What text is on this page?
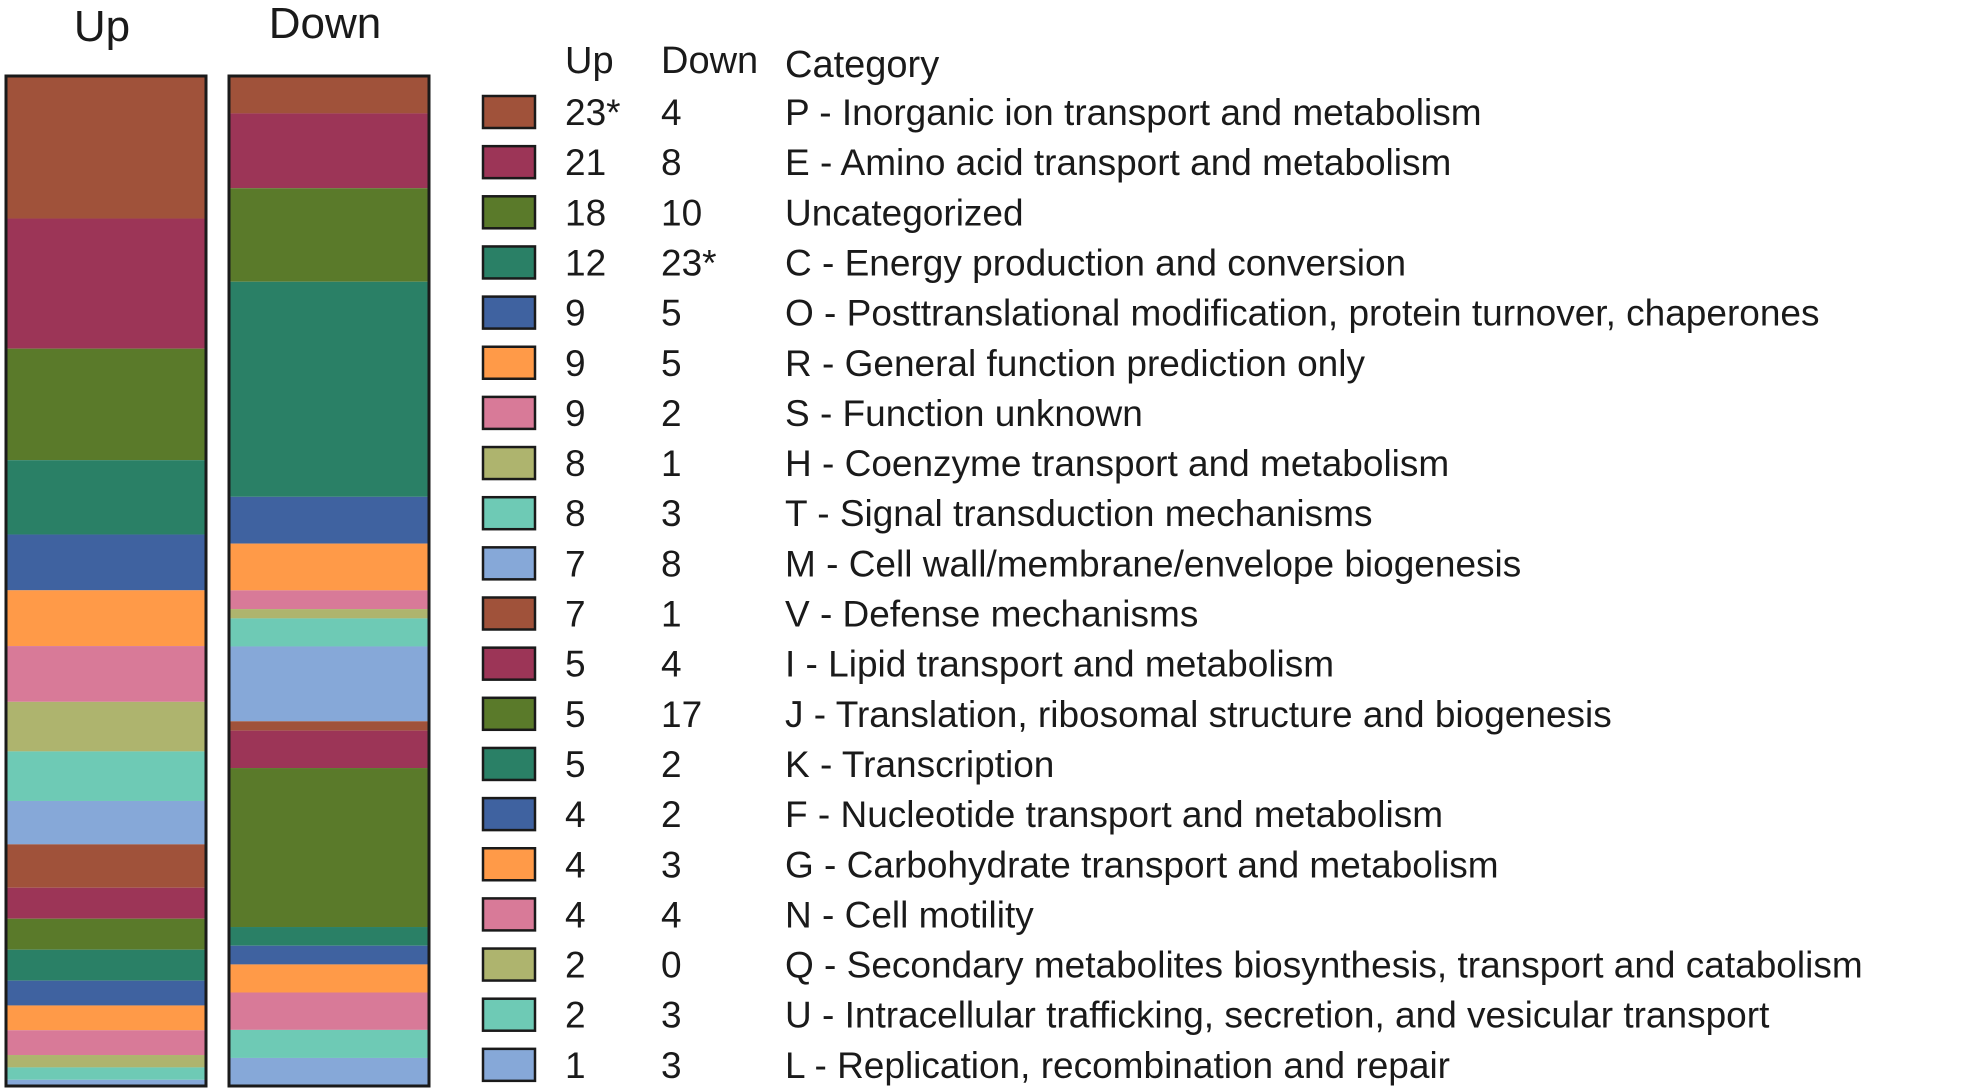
Up	Down
Up Down Category
23* 4	P - Inorganic ion transport and metabolism
21 8	E - Amino acid transport and metabolism
18 10 Uncategorized
12 23* C - Energy production and conversion
9 5	O - Posttranslational modification, protein turnover, chaperones
9 5	R - General function prediction only
9 2	S - Function unknown
8 1	H - Coenzyme transport and metabolism
8 3	T - Signal transduction mechanisms
7 8	M - Cell wall/membrane/envelope biogenesis
7 1	V - Defense mechanisms
5 4	I - Lipid transport and metabolism
5 17 J - Translation, ribosomal structure and biogenesis
5 2	K - Transcription
4 2	F - Nucleotide transport and metabolism
4 3	G - Carbohydrate transport and metabolism
4 4	N - Cell motility
2 0	Q - Secondary metabolites biosynthesis, transport and catabolism
2 3	U - Intracellular trafficking, secretion, and vesicular transport
1 3	L - Replication, recombination and repair
